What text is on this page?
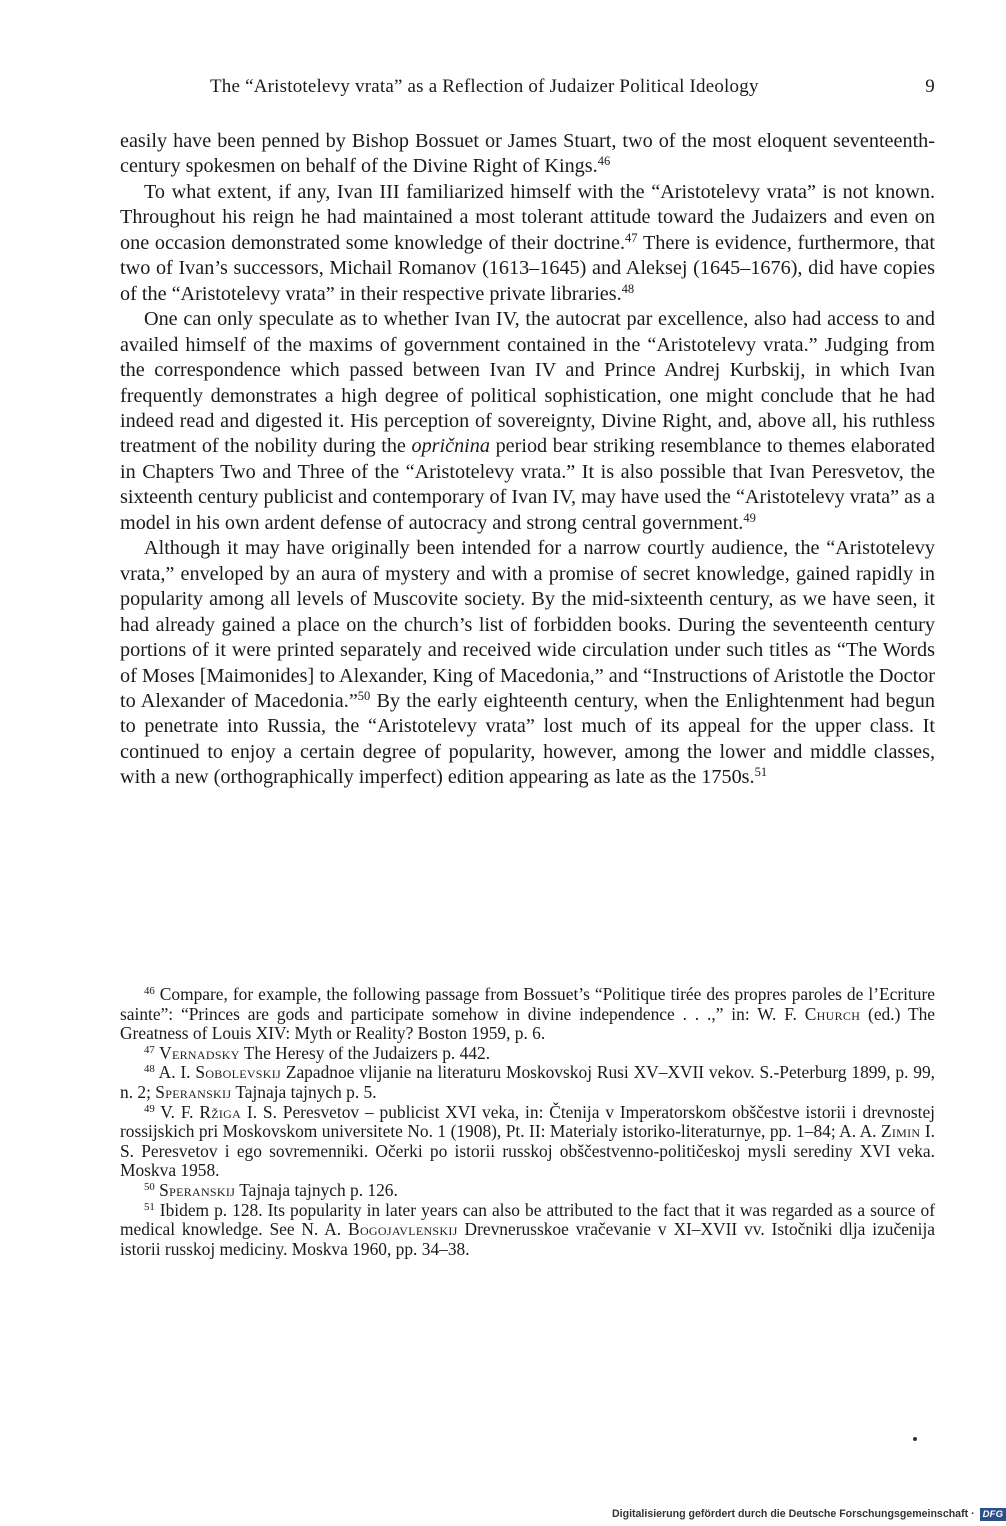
The “Aristotelevy vrata” as a Reflection of Judaizer Political Ideology	9

easily have been penned by Bishop Bossuet or James Stuart, two of the most eloquent seventeenth-century spokesmen on behalf of the Divine Right of Kings.$^{46}$

To what extent, if any, Ivan III familiarized himself with the “Aristotelevy vrata” is not known. Throughout his reign he had maintained a most tolerant attitude toward the Judaizers and even on one occasion demonstrated some knowledge of their doctrine.$^{47}$ There is evidence, furthermore, that two of Ivan’s successors, Michail Romanov (1613–1645) and Aleksej (1645–1676), did have copies of the “Aristotelevy vrata” in their respective private libraries.$^{48}$

One can only speculate as to whether Ivan IV, the autocrat par excellence, also had access to and availed himself of the maxims of government contained in the “Aristotelevy vrata.” Judging from the correspondence which passed between Ivan IV and Prince Andrej Kurbskij, in which Ivan frequently demonstrates a high degree of political sophistication, one might conclude that he had indeed read and digested it. His perception of sovereignty, Divine Right, and, above all, his ruthless treatment of the nobility during the opričnina period bear striking resemblance to themes elaborated in Chapters Two and Three of the “Aristotelevy vrata.” It is also possible that Ivan Peresvetov, the sixteenth century publicist and contemporary of Ivan IV, may have used the “Aristotelevy vrata” as a model in his own ardent defense of autocracy and strong central government.$^{49}$

Although it may have originally been intended for a narrow courtly audience, the “Aristotelevy vrata,” enveloped by an aura of mystery and with a promise of secret knowledge, gained rapidly in popularity among all levels of Muscovite society. By the mid-sixteenth century, as we have seen, it had already gained a place on the church’s list of forbidden books. During the seventeenth century portions of it were printed separately and received wide circulation under such titles as “The Words of Moses [Maimonides] to Alexander, King of Macedonia,” and “Instructions of Aristotle the Doctor to Alexander of Macedonia.”$^{50}$ By the early eighteenth century, when the Enlightenment had begun to penetrate into Russia, the “Aristotelevy vrata” lost much of its appeal for the upper class. It continued to enjoy a certain degree of popularity, however, among the lower and middle classes, with a new (orthographically imperfect) edition appearing as late as the 1750s.$^{51}$

$^{46}$ Compare, for example, the following passage from Bossuet’s “Politique tirée des propres paroles de l’Ecriture sainte”: “Princes are gods and participate somehow in divine independence . . .,” in: W. F. Church (ed.) The Greatness of Louis XIV: Myth or Reality? Boston 1959, p. 6.

$^{47}$ Vernadsky The Heresy of the Judaizers p. 442.

$^{48}$ A. I. Sobolevskij Zapadnoe vlijanie na literaturu Moskovskoj Rusi XV–XVII vekov. S.-Peterburg 1899, p. 99, n. 2; Speranskij Tajnaja tajnych p. 5.

$^{49}$ V. F. Ržiga I. S. Peresvetov – publicist XVI veka, in: Čtenija v Imperatorskom obščestve istorii i drevnostej rossijskich pri Moskovskom universitete No. 1 (1908), Pt. II: Materialy istoriko-literaturnye, pp. 1–84; A. A. Zimin I. S. Peresvetov i ego sovremenniki. Očerki po istorii russkoj obščestvenno-političeskoj mysli serediny XVI veka. Moskva 1958.

$^{50}$ Speranskij Tajnaja tajnych p. 126.

$^{51}$ Ibidem p. 128. Its popularity in later years can also be attributed to the fact that it was regarded as a source of medical knowledge. See N. A. Bogojavlenskij Drevnerusskoe vračevanie v XI–XVII vv. Istočniki dlja izučenija istorii russkoj mediciny. Moskva 1960, pp. 34–38.

Digitalisierung gefördert durch die Deutsche Forschungsgemeinschaft · DFG
